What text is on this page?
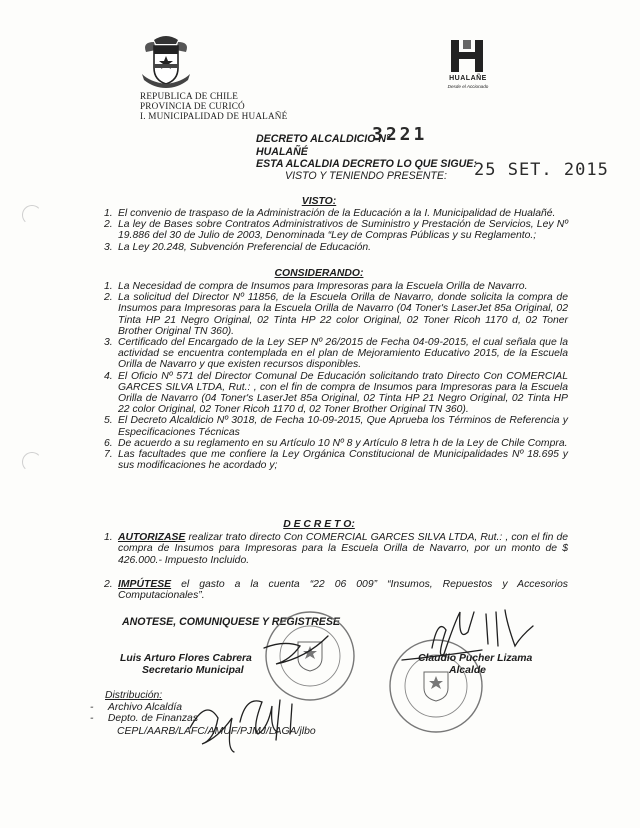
REPUBLICA DE CHILE
PROVINCIA DE CURICÓ
I. MUNICIPALIDAD DE HUALAÑÉ
HUALAÑE
Desde el Accionado
DECRETO ALCALDICIO N°
3221
HUALAÑÉ
ESTA ALCALDIA DECRETO LO QUE SIGUE:
VISTO Y TENIENDO PRESENTE: 25 SET. 2015
VISTO:
1. El convenio de traspaso de la Administración de la Educación a la I. Municipalidad de Hualañé.
2. La ley de Bases sobre Contratos Administrativos de Suministro y Prestación de Servicios, Ley Nº 19.886 del 30 de Julio de 2003, Denominada “Ley de Compras Públicas y su Reglamento.;
3. La Ley 20.248, Subvención Preferencial de Educación.
CONSIDERANDO:
1. La Necesidad de compra de Insumos para Impresoras para la Escuela Orilla de Navarro.
2. La solicitud del Director Nº 11856, de la Escuela Orilla de Navarro, donde solicita la compra de Insumos para Impresoras para la Escuela Orilla de Navarro (04 Toner's LaserJet 85a Original, 02 Tinta HP 21 Negro Original, 02 Tinta HP 22 color Original, 02 Toner Ricoh 1170 d, 02 Toner Brother Original TN 360).
3. Certificado del Encargado de la Ley SEP Nº 26/2015 de Fecha 04-09-2015, el cual señala que la actividad se encuentra contemplada en el plan de Mejoramiento Educativo 2015, de la Escuela Orilla de Navarro y que existen recursos disponibles.
4. El Oficio Nº 571 del Director Comunal De Educación solicitando trato Directo Con COMERCIAL GARCES SILVA LTDA, Rut.: , con el fin de compra de Insumos para Impresoras para la Escuela Orilla de Navarro (04 Toner's LaserJet 85a Original, 02 Tinta HP 21 Negro Original, 02 Tinta HP 22 color Original, 02 Toner Ricoh 1170 d, 02 Toner Brother Original TN 360).
5. El Decreto Alcaldicio Nº 3018, de Fecha 10-09-2015, Que Aprueba los Términos de Referencia y Especificaciones Técnicas
6. De acuerdo a su reglamento en su Artículo 10 Nº 8 y Artículo 8 letra h de la Ley de Chile Compra.
7. Las facultades que me confiere la Ley Orgánica Constitucional de Municipalidades Nº 18.695 y sus modificaciones he acordado y;
D E C R E T O:
1. AUTORIZASE realizar trato directo Con COMERCIAL GARCES SILVA LTDA, Rut.: , con el fin de compra de Insumos para Impresoras para la Escuela Orilla de Navarro, por un monto de $ 426.000.- Impuesto Incluido.
2. IMPÚTESE el gasto a la cuenta “22 06 009” “Insumos, Repuestos y Accesorios Computacionales”.
ANOTESE, COMUNIQUESE Y REGISTRESE
Luis Arturo Flores Cabrera
Secretario Municipal
Claudio Pucher Lizama
Alcalde
Distribución:
-     Archivo Alcaldía
-     Depto. de Finanzas
CEPL/AARB/LAFC/AMUF/PJMJ/LAGA/jlbo
